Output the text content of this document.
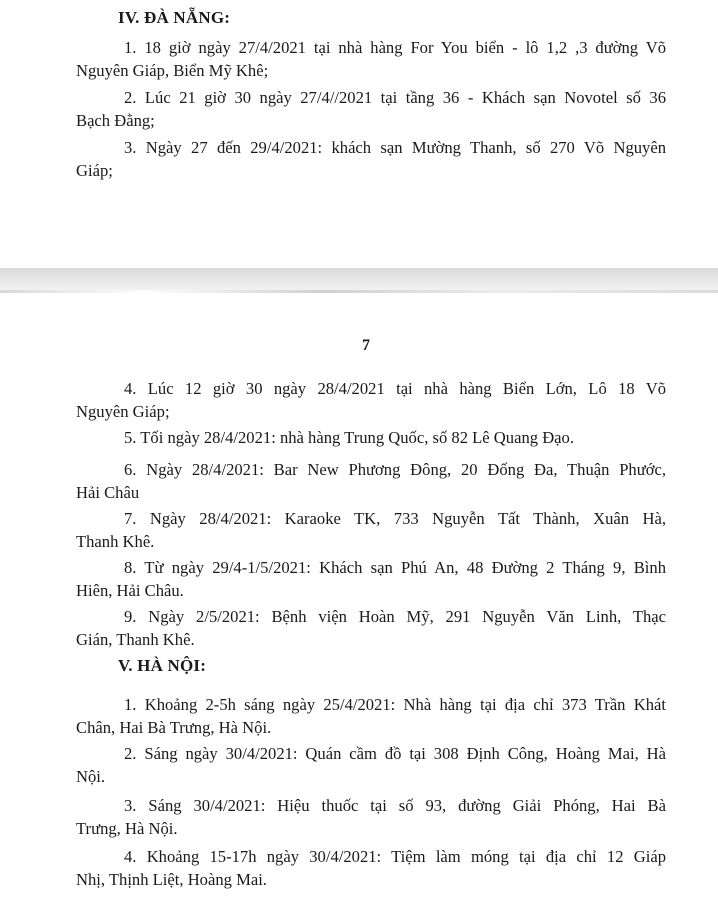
IV. ĐÀ NẴNG:
1. 18 giờ ngày 27/4/2021 tại nhà hàng For You biển - lô 1,2 ,3 đường Võ
Nguyên Giáp, Biển Mỹ Khê;
2. Lúc 21 giờ 30 ngày 27/4//2021 tại tầng 36 - Khách sạn Novotel số 36
Bạch Đằng;
3. Ngày 27 đến 29/4/2021: khách sạn Mường Thanh, số 270 Võ Nguyên
Giáp;
7
4. Lúc 12 giờ 30 ngày 28/4/2021 tại nhà hàng Biển Lớn, Lô 18 Võ
Nguyên Giáp;
5. Tối ngày 28/4/2021: nhà hàng Trung Quốc, số 82 Lê Quang Đạo.
6. Ngày 28/4/2021: Bar New Phương Đông, 20 Đống Đa, Thuận Phước,
Hải Châu
7. Ngày 28/4/2021: Karaoke TK, 733 Nguyễn Tất Thành, Xuân Hà,
Thanh Khê.
8. Từ ngày 29/4-1/5/2021: Khách sạn Phú An, 48 Đường 2 Tháng 9, Bình
Hiên, Hải Châu.
9. Ngày 2/5/2021: Bệnh viện Hoàn Mỹ, 291 Nguyễn Văn Linh, Thạc
Gián, Thanh Khê.
V. HÀ NỘI:
1. Khoảng 2-5h sáng ngày 25/4/2021: Nhà hàng tại địa chỉ 373 Trần Khát
Chân, Hai Bà Trưng, Hà Nội.
2. Sáng ngày 30/4/2021: Quán cầm đồ tại 308 Định Công, Hoàng Mai, Hà
Nội.
3. Sáng 30/4/2021: Hiệu thuốc tại số 93, đường Giải Phóng, Hai Bà
Trưng, Hà Nội.
4. Khoảng 15-17h ngày 30/4/2021: Tiệm làm móng tại địa chỉ 12 Giáp
Nhị, Thịnh Liệt, Hoàng Mai.
